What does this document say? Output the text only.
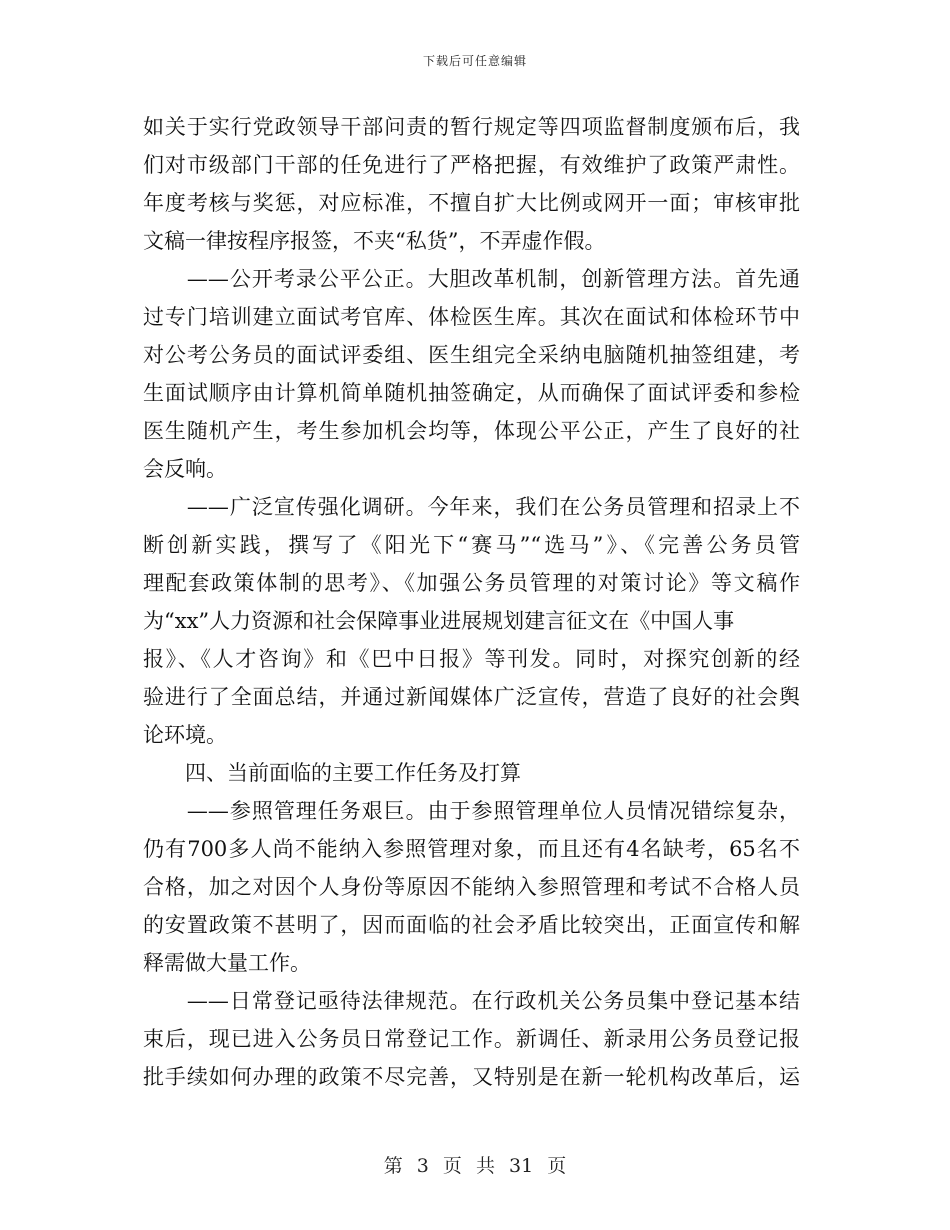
下载后可任意编辑
如关于实行党政领导干部问责的暂行规定等四项监督制度颁布后，我
们对市级部门干部的任免进行了严格把握，有效维护了政策严肃性。
年度考核与奖惩，对应标准，不擅自扩大比例或网开一面；审核审批
文稿一律按程序报签，不夹“私货”，不弄虚作假。
　　——公开考录公平公正。大胆改革机制，创新管理方法。首先通
过专门培训建立面试考官库、体检医生库。其次在面试和体检环节中
对公考公务员的面试评委组、医生组完全采纳电脑随机抽签组建，考
生面试顺序由计算机简单随机抽签确定，从而确保了面试评委和参检
医生随机产生，考生参加机会均等，体现公平公正，产生了良好的社
会反响。
　　——广泛宣传强化调研。今年来，我们在公务员管理和招录上不
断创新实践，撰写了《阳光下“赛马”“选马”》、《完善公务员管
理配套政策体制的思考》、《加强公务员管理的对策讨论》等文稿作
为“xx”人力资源和社会保障事业进展规划建言征文在《中国人事
报》、《人才咨询》和《巴中日报》等刊发。同时，对探究创新的经
验进行了全面总结，并通过新闻媒体广泛宣传，营造了良好的社会舆
论环境。
　　四、当前面临的主要工作任务及打算
　　——参照管理任务艰巨。由于参照管理单位人员情况错综复杂，
仍有700多人尚不能纳入参照管理对象，而且还有4名缺考，65名不
合格，加之对因个人身份等原因不能纳入参照管理和考试不合格人员
的安置政策不甚明了，因而面临的社会矛盾比较突出，正面宣传和解
释需做大量工作。
　　——日常登记亟待法律规范。在行政机关公务员集中登记基本结
束后，现已进入公务员日常登记工作。新调任、新录用公务员登记报
批手续如何办理的政策不尽完善，又特别是在新一轮机构改革后，运
第 3 页 共 31 页
